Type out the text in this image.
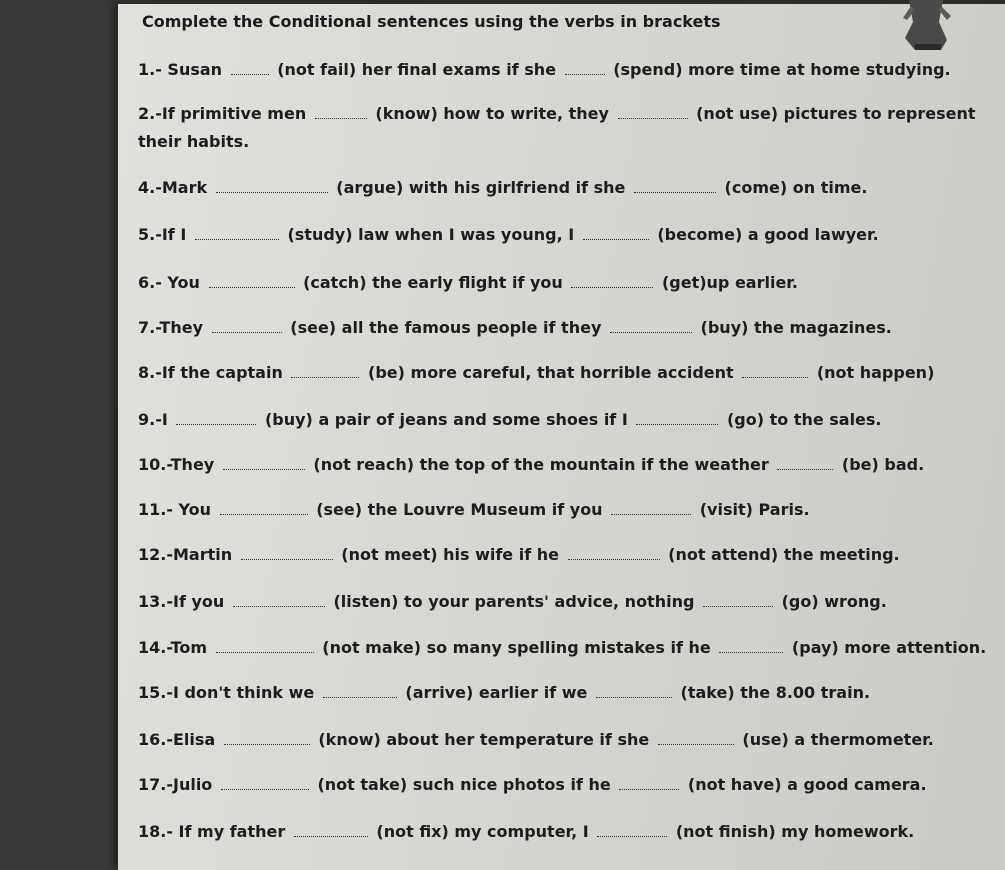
Complete the Conditional sentences using the verbs in brackets
1.- Susan	(not fail) her final exams if she	(spend) more time at home studying.
2.-If primitive men	(know) how to write, they	(not use) pictures to represent their habits.
4.-Mark	(argue) with his girlfriend if she	(come) on time.
5.-If I	(study) law when I was young, I	(become) a good lawyer.
6.- You	(catch) the early flight if you	(get)up earlier.
7.-They	(see) all the famous people if they	(buy) the magazines.
8.-If the captain	(be) more careful, that horrible accident	(not happen)
9.-I	(buy) a pair of jeans and some shoes if I	(go) to the sales.
10.-They	(not reach) the top of the mountain if the weather	(be) bad.
11.- You	(see) the Louvre Museum if you	(visit) Paris.
12.-Martin	(not meet) his wife if he	(not attend) the meeting.
13.-If you	(listen) to your parents' advice, nothing	(go) wrong.
14.-Tom	(not make) so many spelling mistakes if he	(pay) more attention.
15.-I don't think we	(arrive) earlier if we	(take) the 8.00 train.
16.-Elisa	(know) about her temperature if she	(use) a thermometer.
17.-Julio	(not take) such nice photos if he	(not have) a good camera.
18.- If my father	(not fix) my computer, I	(not finish) my homework.
